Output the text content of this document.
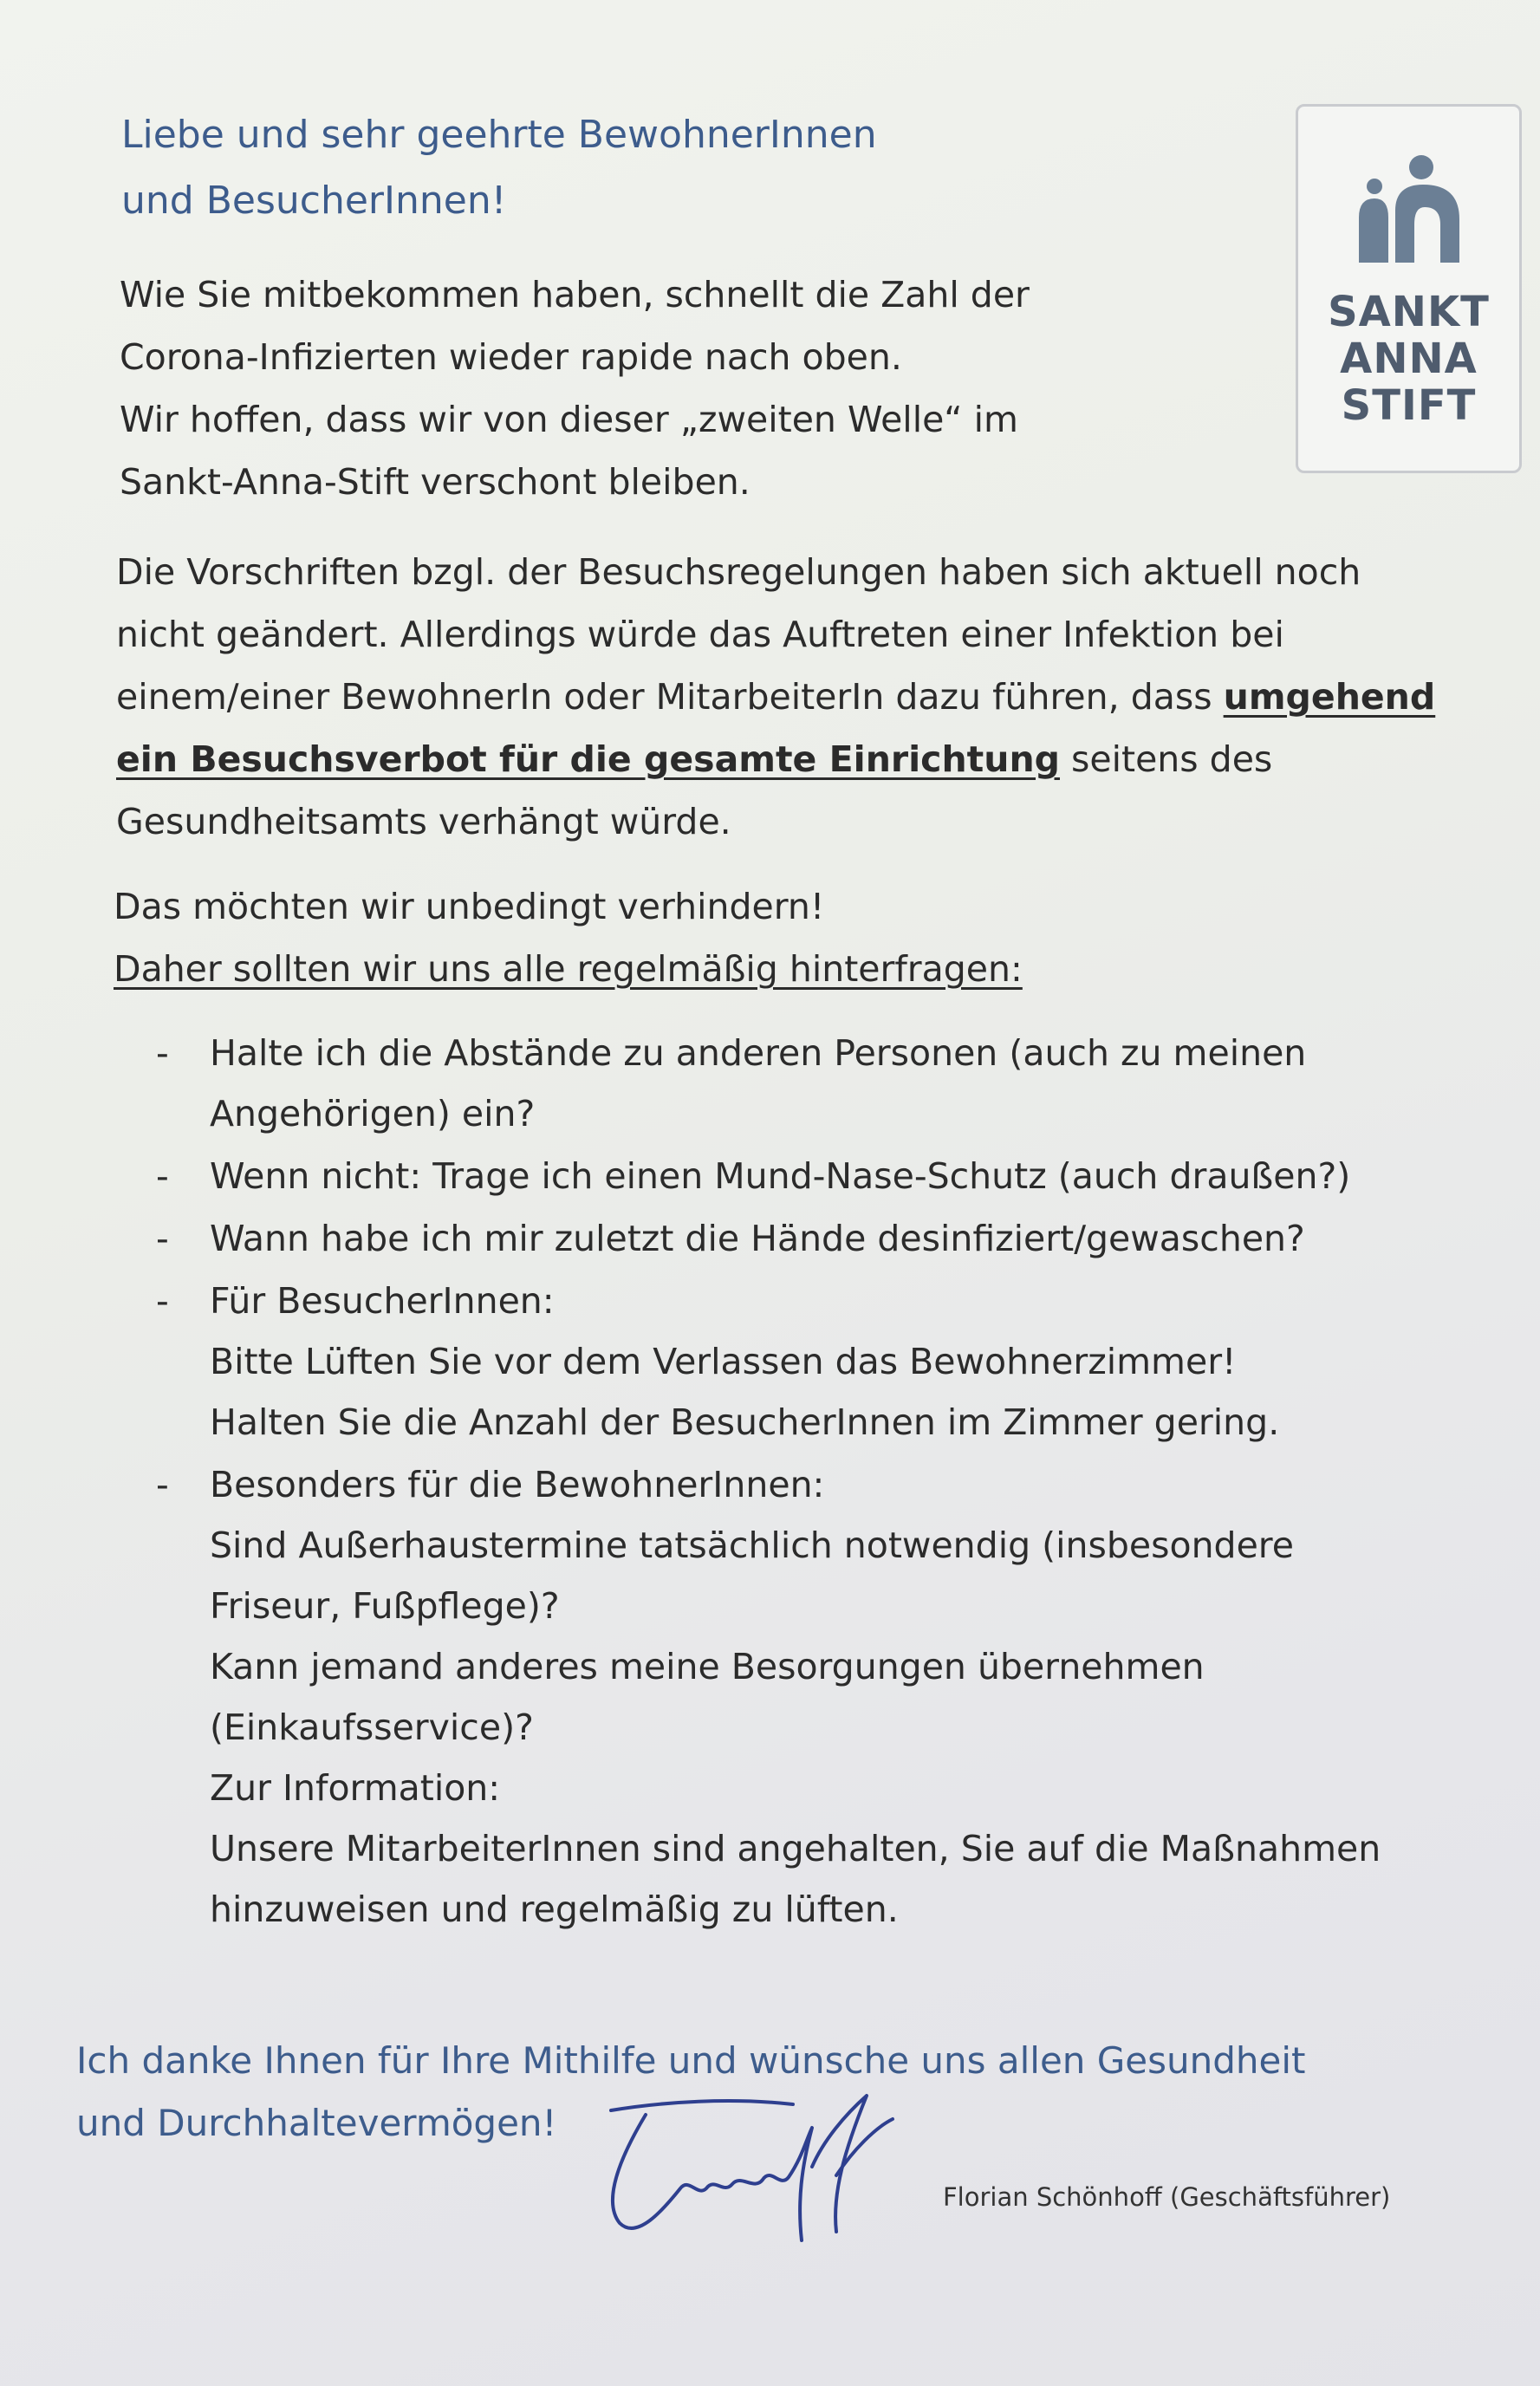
Liebe und sehr geehrte BewohnerInnen
und BesucherInnen!
SANKT
ANNA
STIFT
Wie Sie mitbekommen haben, schnellt die Zahl der
Corona-Infizierten wieder rapide nach oben.
Wir hoffen, dass wir von dieser „zweiten Welle“ im
Sankt-Anna-Stift verschont bleiben.

Die Vorschriften bzgl. der Besuchsregelungen haben sich aktuell noch nicht geändert. Allerdings würde das Auftreten einer Infektion bei einem/einer BewohnerIn oder MitarbeiterIn dazu führen, dass umgehend ein Besuchsverbot für die gesamte Einrichtung seitens des Gesundheitsamts verhängt würde.

Das möchten wir unbedingt verhindern!
Daher sollten wir uns alle regelmäßig hinterfragen:
- Halte ich die Abstände zu anderen Personen (auch zu meinen Angehörigen) ein?
- Wenn nicht: Trage ich einen Mund-Nase-Schutz (auch draußen?)
- Wann habe ich mir zuletzt die Hände desinfiziert/gewaschen?
- Für BesucherInnen:
Bitte Lüften Sie vor dem Verlassen das Bewohnerzimmer!
Halten Sie die Anzahl der BesucherInnen im Zimmer gering.
- Besonders für die BewohnerInnen:
Sind Außerhaustermine tatsächlich notwendig (insbesondere Friseur, Fußpflege)?
Kann jemand anderes meine Besorgungen übernehmen (Einkaufsservice)?
Zur Information:
Unsere MitarbeiterInnen sind angehalten, Sie auf die Maßnahmen hinzuweisen und regelmäßig zu lüften.
Ich danke Ihnen für Ihre Mithilfe und wünsche uns allen Gesundheit
und Durchhaltevermögen!
Florian Schönhoff (Geschäftsführer)
